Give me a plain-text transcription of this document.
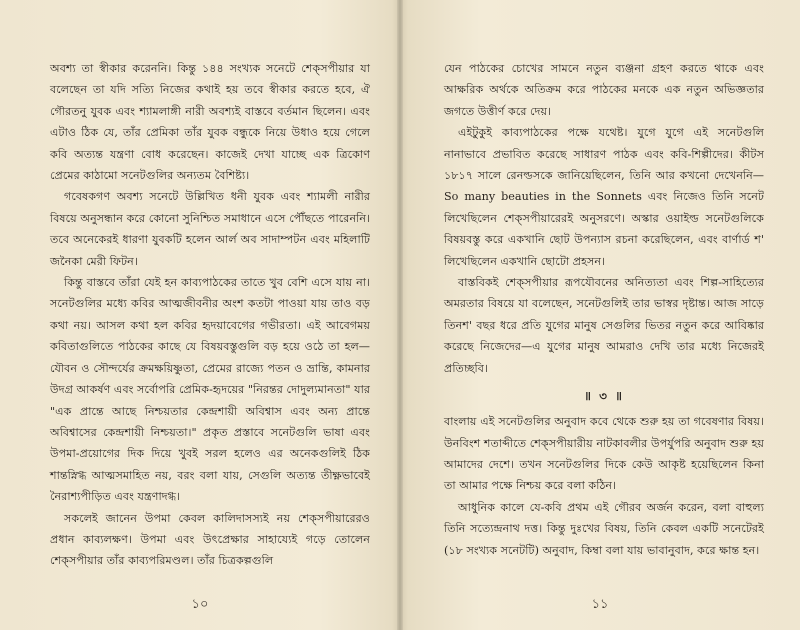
অবশ্য তা স্বীকার করেননি। কিন্তু ১৪৪ সংখ্যক সনেটে শেক্‌সপীয়ার যা বলেছেন তা যদি সত্যি নিজের কথাই হয় তবে স্বীকার করতে হবে, ঐ গৌরতনু যুবক এবং শ্যামলাঙ্গী নারী অবশ্যই বাস্তবে বর্তমান ছিলেন। এবং এটাও ঠিক যে, তাঁর প্রেমিকা তাঁর যুবক বন্ধুকে নিয়ে উধাও হয়ে গেলে কবি অত্যন্ত যন্ত্রণা বোধ করেছেন। কাজেই দেখা যাচ্ছে এক ত্রিকোণ প্রেমের কাঠামো সনেটগুলির অন্যতম বৈশিষ্ট্য।

গবেষকগণ অবশ্য সনেটে উল্লিখিত ধনী যুবক এবং শ্যামলী নারীর বিষয়ে অনুসন্ধান করে কোনো সুনিশ্চিত সমাধানে এসে পৌঁছতে পারেননি। তবে অনেকেরই ধারণা যুবকটি হলেন আর্ল অব সাদাম্পটন এবং মহিলাটি জনৈকা মেরী ফিটন।

কিন্তু বাস্তবে তাঁরা যেই হন কাব্যপাঠকের তাতে খুব বেশি এসে যায় না। সনেটগুলির মধ্যে কবির আত্মজীবনীর অংশ কতটা পাওয়া যায় তাও বড় কথা নয়। আসল কথা হল কবির হৃদয়াবেগের গভীরতা। এই আবেগময় কবিতাগুলিতে পাঠকের কাছে যে বিষয়বস্তুগুলি বড় হয়ে ওঠে তা হল—যৌবন ও সৌন্দর্যের ক্রমক্ষয়িষ্ণুতা, প্রেমের রাজ্যে পতন ও ভ্রান্তি, কামনার উদগ্র আকর্ষণ এবং সর্বোপরি প্রেমিক-হৃদয়ের "নিরন্তর দোদুল্যমানতা" যার "এক প্রান্তে আছে নিশ্চয়তার কেন্দ্রশায়ী অবিশ্বাস এবং অন্য প্রান্তে অবিশ্বাসের কেন্দ্রশায়ী নিশ্চয়তা।" প্রকৃত প্রস্তাবে সনেটগুলি ভাষা এবং উপমা-প্রয়োগের দিক দিয়ে খুবই সরল হলেও এর অনেকগুলিই ঠিক শান্তস্নিগ্ধ আত্মসমাহিত নয়, বরং বলা যায়, সেগুলি অত্যন্ত তীক্ষ্ণভাবেই নৈরাশ্যপীড়িত এবং যন্ত্রণাদগ্ধ।

সকলেই জানেন উপমা কেবল কালিদাসস্যই নয় শেক্‌সপীয়ারেরও প্রধান কাব্যলক্ষণ। উপমা এবং উৎপ্রেক্ষার সাহায্যেই গড়ে তোলেন শেক্‌সপীয়ার তাঁর কাব্যপরিমণ্ডল। তাঁর চিত্রকল্পগুলি

১০

যেন পাঠকের চোখের সামনে নতুন ব্যঞ্জনা গ্রহণ করতে থাকে এবং আক্ষরিক অর্থকে অতিক্রম করে পাঠকের মনকে এক নতুন অভিজ্ঞতার জগতে উত্তীর্ণ করে দেয়।

এইটুকুই কাব্যপাঠকের পক্ষে যথেষ্ট। যুগে যুগে এই সনেটগুলি নানাভাবে প্রভাবিত করেছে সাধারণ পাঠক এবং কবি-শিল্পীদের। কীটস ১৮১৭ সালে রেনল্ডসকে জানিয়েছিলেন, তিনি আর কখনো দেখেননি—So many beauties in the Sonnets এবং নিজেও তিনি সনেট লিখেছিলেন শেক্‌সপীয়ারেরই অনুসরণে। অস্কার ওয়াইল্ড সনেটগুলিকে বিষয়বস্তু করে একখানি ছোট উপন্যাস রচনা করেছিলেন, এবং বার্ণার্ড শ' লিখেছিলেন একখানি ছোটো প্রহসন।

বাস্তবিকই শেক্‌সপীয়ার রূপযৌবনের অনিত্যতা এবং শিল্প-সাহিত্যের অমরতার বিষয়ে যা বলেছেন, সনেটগুলিই তার ভাস্বর দৃষ্টান্ত। আজ সাড়ে তিনশ' বছর ধরে প্রতি যুগের মানুষ সেগুলির ভিতর নতুন করে আবিষ্কার করেছে নিজেদের—এ যুগের মানুষ আমরাও দেখি তার মধ্যে নিজেরই প্রতিচ্ছবি।

॥ ৩ ॥

বাংলায় এই সনেটগুলির অনুবাদ কবে থেকে শুরু হয় তা গবেষণার বিষয়। উনবিংশ শতাব্দীতে শেক্‌সপীয়ারীয় নাটকাবলীর উপর্যুপরি অনুবাদ শুরু হয় আমাদের দেশে। তখন সনেটগুলির দিকে কেউ আকৃষ্ট হয়েছিলেন কিনা তা আমার পক্ষে নিশ্চয় করে বলা কঠিন।

আধুনিক কালে যে-কবি প্রথম এই গৌরব অর্জন করেন, বলা বাহুল্য তিনি সত্যেন্দ্রনাথ দত্ত। কিন্তু দুঃখের বিষয়, তিনি কেবল একটি সনেটেরই (১৮ সংখ্যক সনেটটি) অনুবাদ, কিম্বা বলা যায় ভাবানুবাদ, করে ক্ষান্ত হন।

১১
